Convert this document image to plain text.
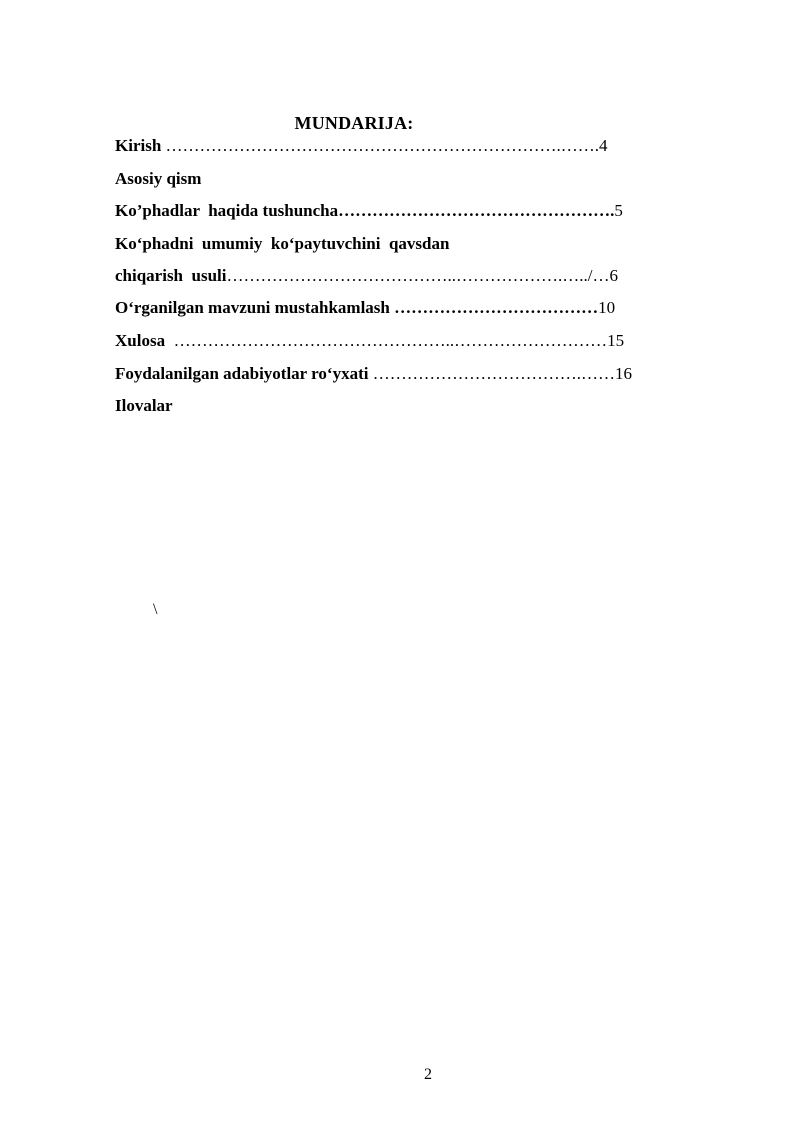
MUNDARIJA:
Kirish …………………………………………………………….…….4
Asosiy qism
Ko’phadlar  haqida tushuncha………………………………………….5
Ko‘phadni  umumiy  ko‘paytuvchini  qavsdan
chiqarish  usuli…………………………………..……………….…../…6
O‘rganilgan mavzuni mustahkamlash ………………………………10
Xulosa  …………………………………………..………………………15
Foydalanilgan adabiyotlar ro‘yxati ……………………………….……16
Ilovalar
\
2
